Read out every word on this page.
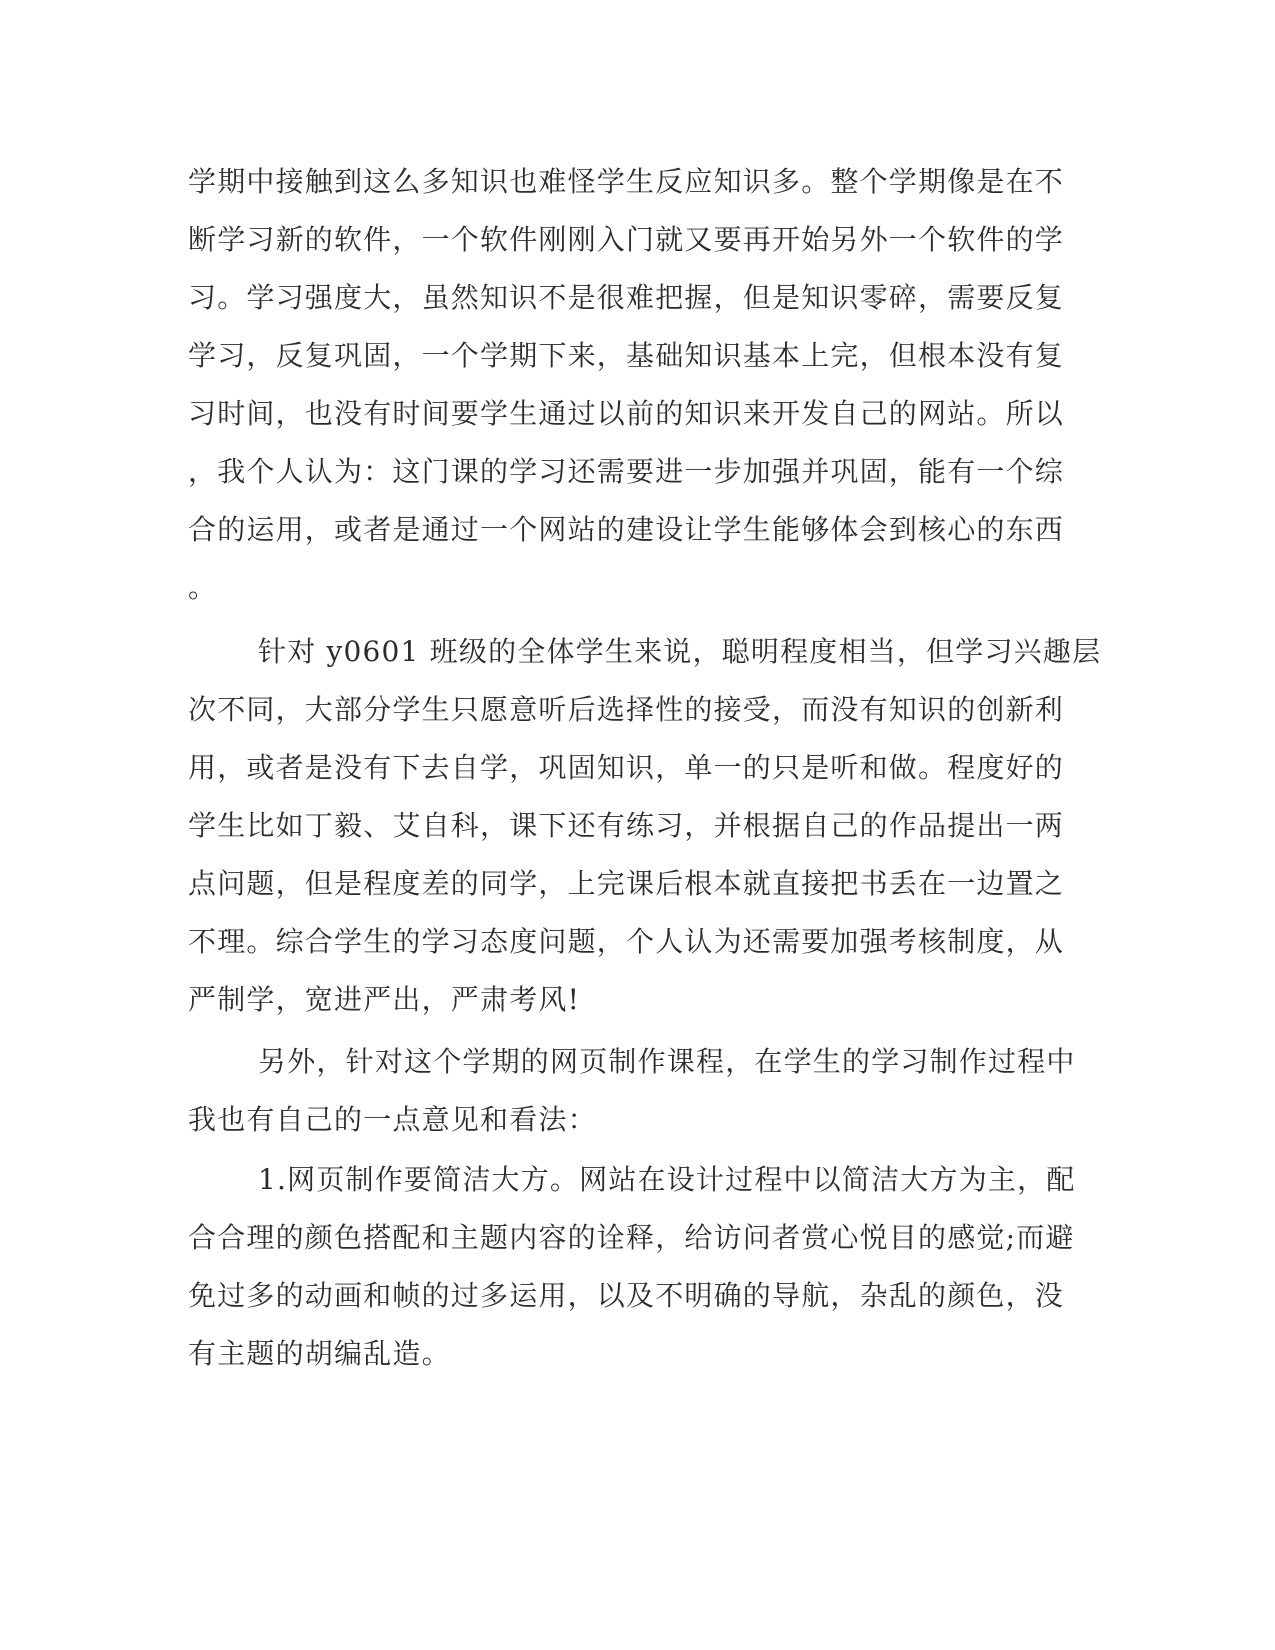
学期中接触到这么多知识也难怪学生反应知识多。整个学期像是在不

断学习新的软件，一个软件刚刚入门就又要再开始另外一个软件的学

习。学习强度大，虽然知识不是很难把握，但是知识零碎，需要反复

学习，反复巩固，一个学期下来，基础知识基本上完，但根本没有复

习时间，也没有时间要学生通过以前的知识来开发自己的网站。所以

，我个人认为：这门课的学习还需要进一步加强并巩固，能有一个综

合的运用，或者是通过一个网站的建设让学生能够体会到核心的东西

。

针对 y0601 班级的全体学生来说，聪明程度相当，但学习兴趣层

次不同，大部分学生只愿意听后选择性的接受，而没有知识的创新利

用，或者是没有下去自学，巩固知识，单一的只是听和做。程度好的

学生比如丁毅、艾自科，课下还有练习，并根据自己的作品提出一两

点问题，但是程度差的同学，上完课后根本就直接把书丢在一边置之

不理。综合学生的学习态度问题，个人认为还需要加强考核制度，从

严制学，宽进严出，严肃考风!

另外，针对这个学期的网页制作课程，在学生的学习制作过程中

我也有自己的一点意见和看法：

1.网页制作要简洁大方。网站在设计过程中以简洁大方为主，配

合合理的颜色搭配和主题内容的诠释，给访问者赏心悦目的感觉;而避

免过多的动画和帧的过多运用，以及不明确的导航，杂乱的颜色，没

有主题的胡编乱造。
